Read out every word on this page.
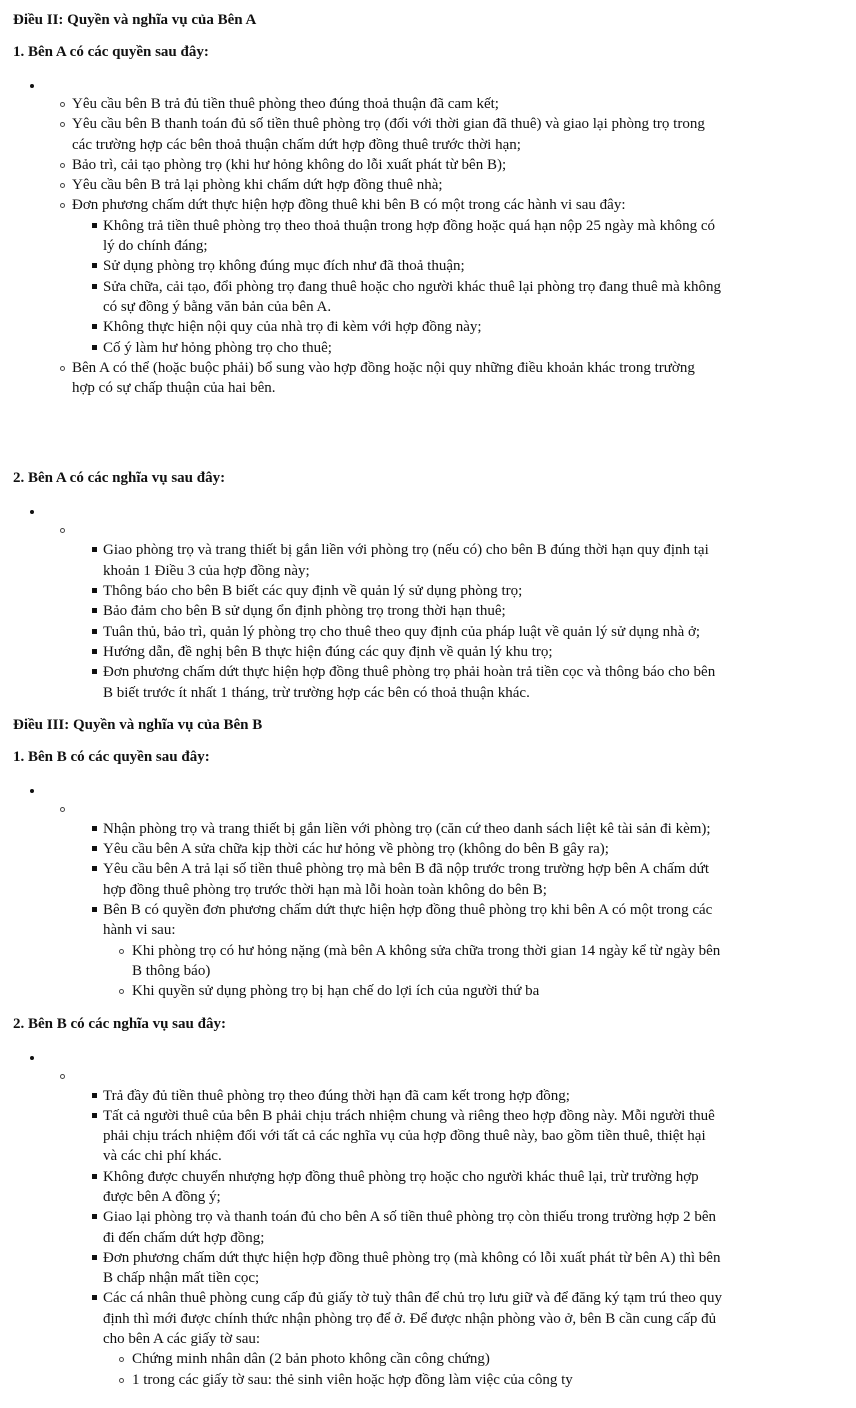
Điều II: Quyền và nghĩa vụ của Bên A
1. Bên A có các quyền sau đây:
Yêu cầu bên B trả đủ tiền thuê phòng theo đúng thoả thuận đã cam kết;
Yêu cầu bên B thanh toán đủ số tiền thuê phòng trọ (đối với thời gian đã thuê) và giao lại phòng trọ trong các trường hợp các bên thoả thuận chấm dứt hợp đồng thuê trước thời hạn;
Bảo trì, cải tạo phòng trọ (khi hư hỏng không do lỗi xuất phát từ bên B);
Yêu cầu bên B trả lại phòng khi chấm dứt hợp đồng thuê nhà;
Đơn phương chấm dứt thực hiện hợp đồng thuê khi bên B có một trong các hành vi sau đây:
Không trả tiền thuê phòng trọ theo thoả thuận trong hợp đồng hoặc quá hạn nộp 25 ngày mà không có lý do chính đáng;
Sử dụng phòng trọ không đúng mục đích như đã thoả thuận;
Sửa chữa, cải tạo, đổi phòng trọ đang thuê hoặc cho người khác thuê lại phòng trọ đang thuê mà không có sự đồng ý bằng văn bản của bên A.
Không thực hiện nội quy của nhà trọ đi kèm với hợp đồng này;
Cố ý làm hư hỏng phòng trọ cho thuê;
Bên A có thể (hoặc buộc phải) bổ sung vào hợp đồng hoặc nội quy những điều khoản khác trong trường hợp có sự chấp thuận của hai bên.
2. Bên A có các nghĩa vụ sau đây:
Giao phòng trọ và trang thiết bị gắn liền với phòng trọ (nếu có) cho bên B đúng thời hạn quy định tại khoản 1 Điều 3 của hợp đồng này;
Thông báo cho bên B biết các quy định về quản lý sử dụng phòng trọ;
Bảo đảm cho bên B sử dụng ổn định phòng trọ trong thời hạn thuê;
Tuân thủ, bảo trì, quản lý phòng trọ cho thuê theo quy định của pháp luật về quản lý sử dụng nhà ở;
Hướng dẫn, đề nghị bên B thực hiện đúng các quy định về quản lý khu trọ;
Đơn phương chấm dứt thực hiện hợp đồng thuê phòng trọ phải hoàn trả tiền cọc và thông báo cho bên B biết trước ít nhất 1 tháng, trừ trường hợp các bên có thoả thuận khác.
Điều III: Quyền và nghĩa vụ của Bên B
1. Bên B có các quyền sau đây:
Nhận phòng trọ và trang thiết bị gắn liền với phòng trọ (căn cứ theo danh sách liệt kê tài sản đi kèm);
Yêu cầu bên A sửa chữa kịp thời các hư hỏng về phòng trọ (không do bên B gây ra);
Yêu cầu bên A trả lại số tiền thuê phòng trọ mà bên B đã nộp trước trong trường hợp bên A chấm dứt hợp đồng thuê phòng trọ trước thời hạn mà lỗi hoàn toàn không do bên B;
Bên B có quyền đơn phương chấm dứt thực hiện hợp đồng thuê phòng trọ khi bên A có một trong các hành vi sau:
Khi phòng trọ có hư hỏng nặng (mà bên A không sửa chữa trong thời gian 14 ngày kể từ ngày bên B thông báo)
Khi quyền sử dụng phòng trọ bị hạn chế do lợi ích của người thứ ba
2. Bên B có các nghĩa vụ sau đây:
Trả đầy đủ tiền thuê phòng trọ theo đúng thời hạn đã cam kết trong hợp đồng;
Tất cả người thuê của bên B phải chịu trách nhiệm chung và riêng theo hợp đồng này. Mỗi người thuê phải chịu trách nhiệm đối với tất cả các nghĩa vụ của hợp đồng thuê này, bao gồm tiền thuê, thiệt hại và các chi phí khác.
Không được chuyển nhượng hợp đồng thuê phòng trọ hoặc cho người khác thuê lại, trừ trường hợp được bên A đồng ý;
Giao lại phòng trọ và thanh toán đủ cho bên A số tiền thuê phòng trọ còn thiếu trong trường hợp 2 bên đi đến chấm dứt hợp đồng;
Đơn phương chấm dứt thực hiện hợp đồng thuê phòng trọ (mà không có lỗi xuất phát từ bên A) thì bên B chấp nhận mất tiền cọc;
Các cá nhân thuê phòng cung cấp đủ giấy tờ tuỳ thân để chủ trọ lưu giữ và để đăng ký tạm trú theo quy định thì mới được chính thức nhận phòng trọ để ở. Để được nhận phòng vào ở, bên B cần cung cấp đủ cho bên A các giấy tờ sau:
Chứng minh nhân dân (2 bản photo không cần công chứng)
1 trong các giấy tờ sau: thẻ sinh viên hoặc hợp đồng làm việc của công ty
